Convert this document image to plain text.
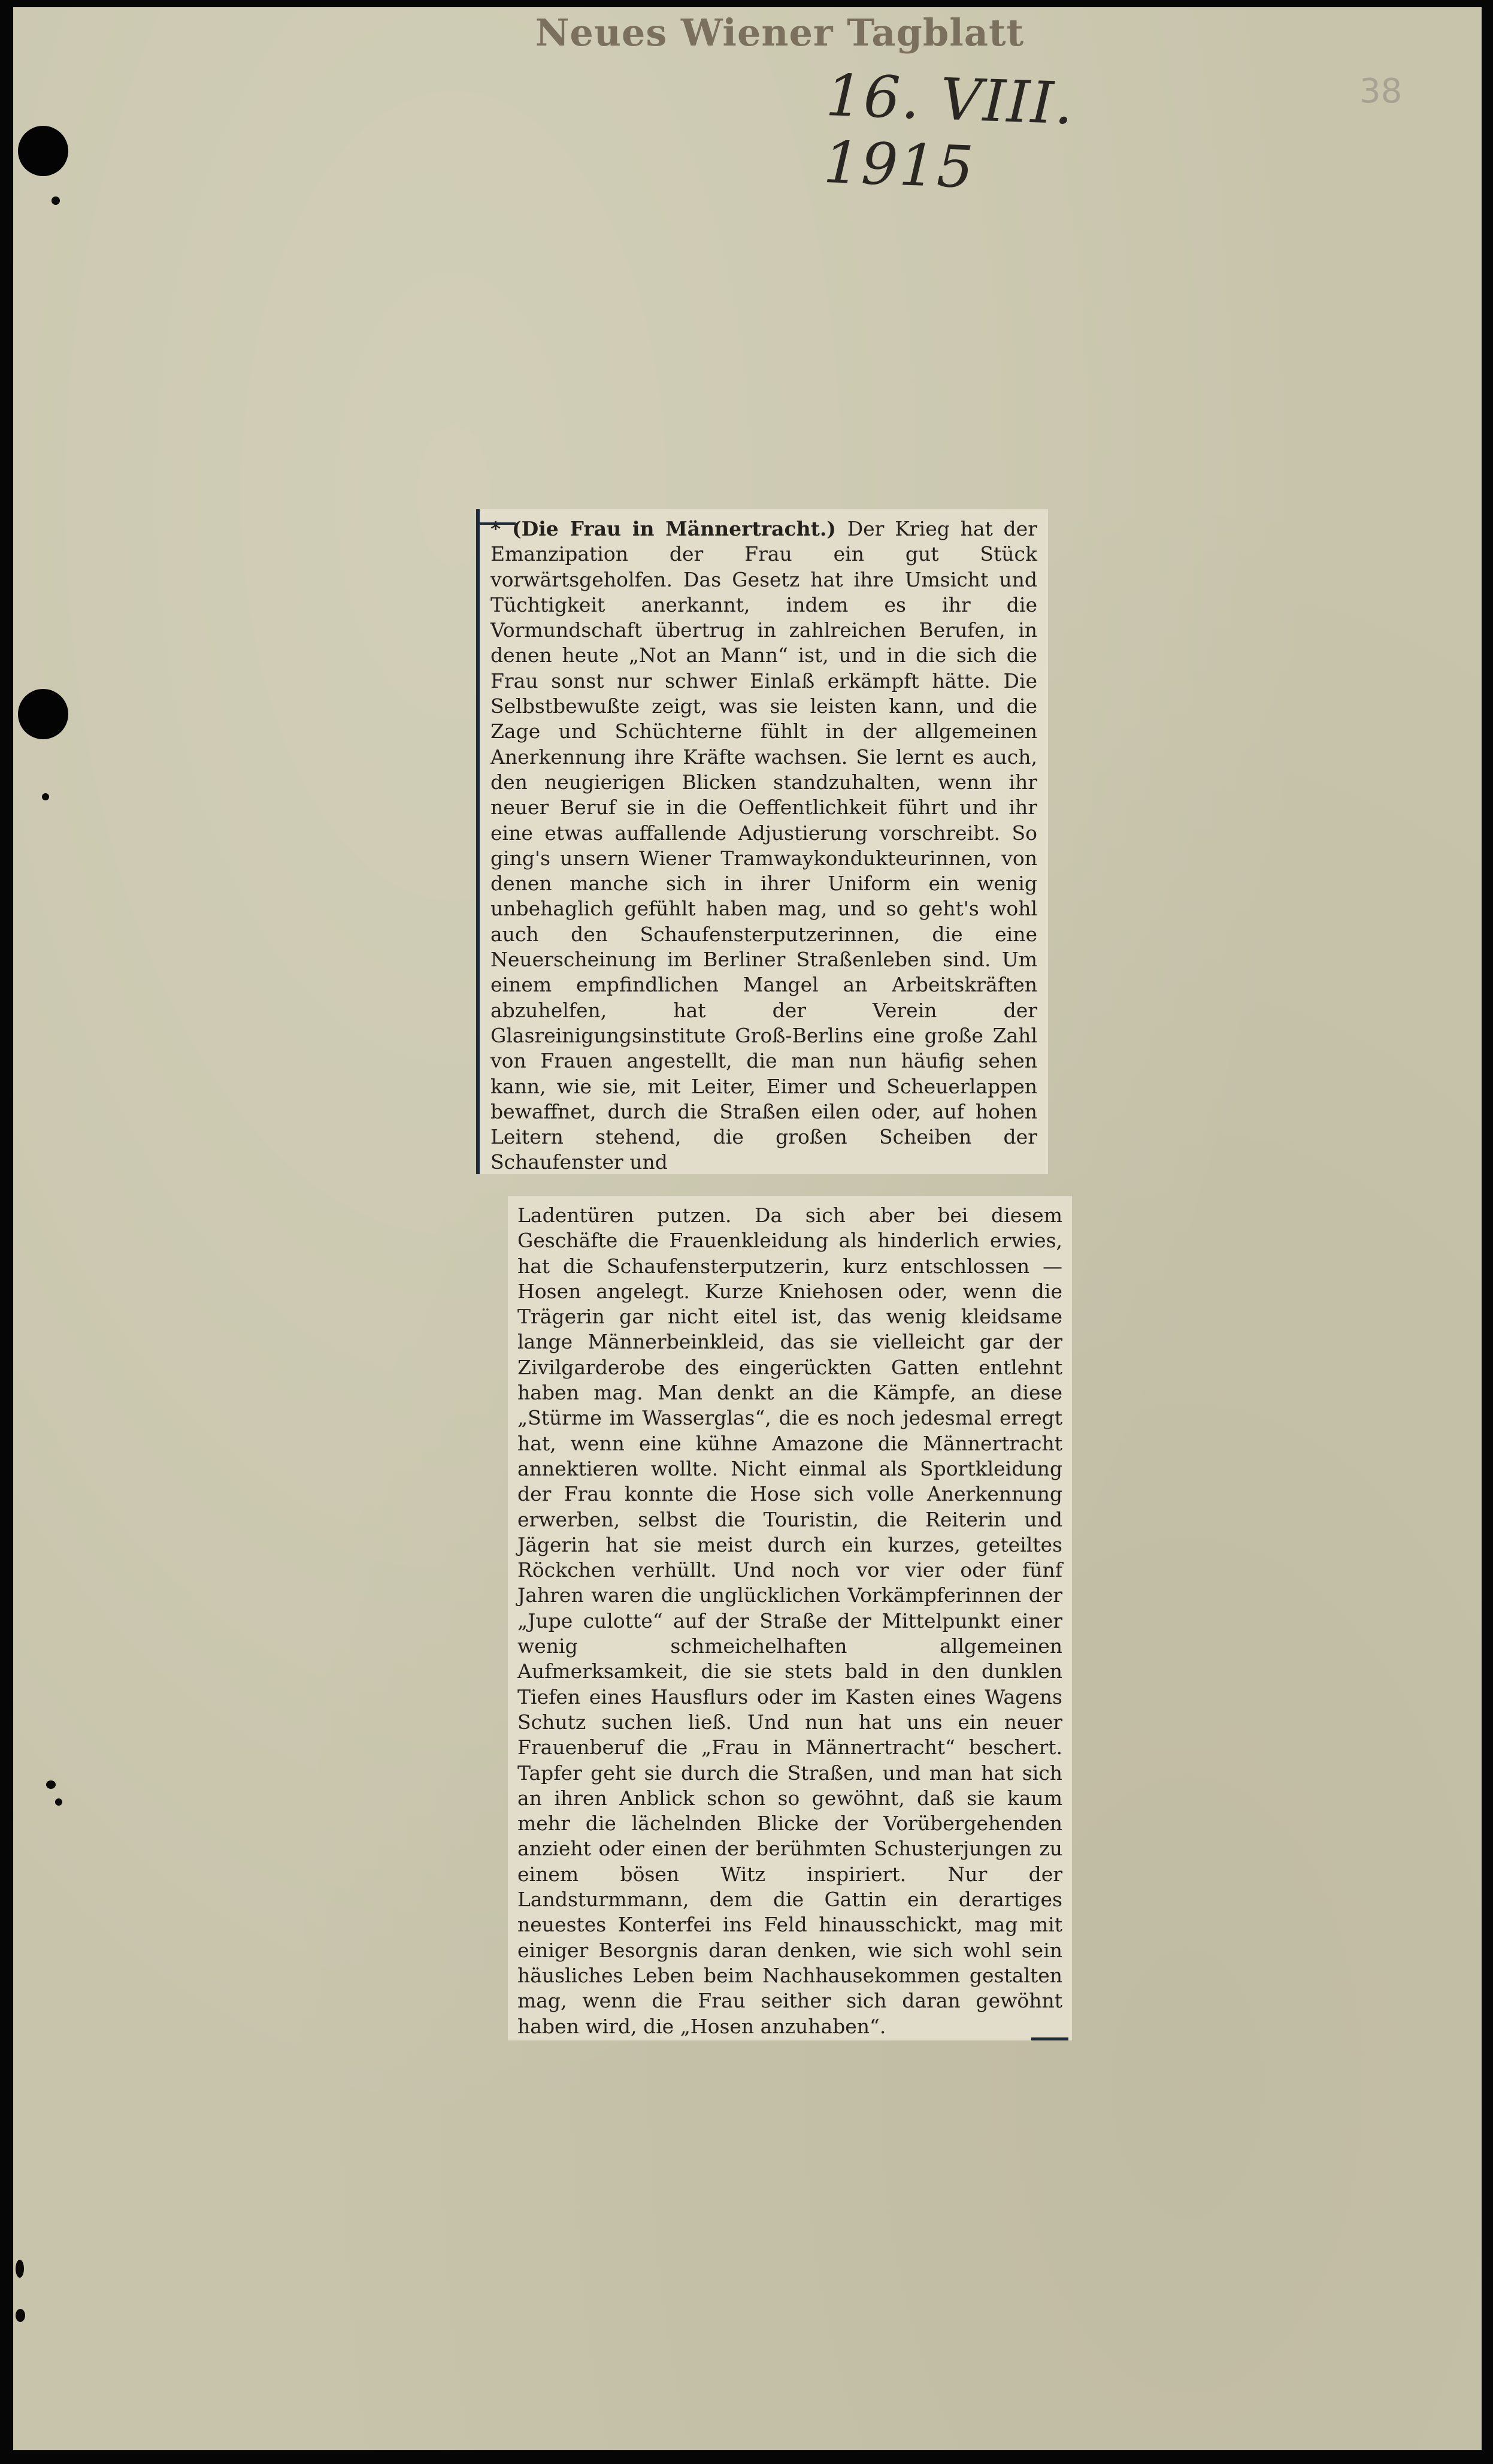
Neues Wiener Tagblatt
16. VIII. 1915
38
* (Die Frau in Männertracht.) Der Krieg hat der Emanzipation der Frau ein gut Stück vorwärtsgeholfen. Das Gesetz hat ihre Umsicht und Tüchtigkeit anerkannt, indem es ihr die Vormundschaft übertrug in zahlreichen Berufen, in denen heute „Not an Mann“ ist, und in die sich die Frau sonst nur schwer Einlaß erkämpft hätte. Die Selbstbewußte zeigt, was sie leisten kann, und die Zage und Schüchterne fühlt in der allgemeinen Anerkennung ihre Kräfte wachsen. Sie lernt es auch, den neugierigen Blicken standzuhalten, wenn ihr neuer Beruf sie in die Oeffentlichkeit führt und ihr eine etwas auffallende Adjustierung vorschreibt. So ging's unsern Wiener Tramwaykondukteurinnen, von denen manche sich in ihrer Uniform ein wenig unbehaglich gefühlt haben mag, und so geht's wohl auch den Schaufensterputzerinnen, die eine Neuerscheinung im Berliner Straßenleben sind. Um einem empfindlichen Mangel an Arbeitskräften abzuhelfen, hat der Verein der Glasreinigungsinstitute Groß-Berlins eine große Zahl von Frauen angestellt, die man nun häufig sehen kann, wie sie, mit Leiter, Eimer und Scheuerlappen bewaffnet, durch die Straßen eilen oder, auf hohen Leitern stehend, die großen Scheiben der Schaufenster und
Ladentüren putzen. Da sich aber bei diesem Geschäfte die Frauenkleidung als hinderlich erwies, hat die Schaufensterputzerin, kurz entschlossen — Hosen angelegt. Kurze Kniehosen oder, wenn die Trägerin gar nicht eitel ist, das wenig kleidsame lange Männerbeinkleid, das sie vielleicht gar der Zivilgarderobe des eingerückten Gatten entlehnt haben mag. Man denkt an die Kämpfe, an diese „Stürme im Wasserglas“, die es noch jedesmal erregt hat, wenn eine kühne Amazone die Männertracht annektieren wollte. Nicht einmal als Sportkleidung der Frau konnte die Hose sich volle Anerkennung erwerben, selbst die Touristin, die Reiterin und Jägerin hat sie meist durch ein kurzes, geteiltes Röckchen verhüllt. Und noch vor vier oder fünf Jahren waren die unglücklichen Vorkämpferinnen der „Jupe culotte“ auf der Straße der Mittelpunkt einer wenig schmeichelhaften allgemeinen Aufmerksamkeit, die sie stets bald in den dunklen Tiefen eines Hausflurs oder im Kasten eines Wagens Schutz suchen ließ. Und nun hat uns ein neuer Frauenberuf die „Frau in Männertracht“ beschert. Tapfer geht sie durch die Straßen, und man hat sich an ihren Anblick schon so gewöhnt, daß sie kaum mehr die lächelnden Blicke der Vorübergehenden anzieht oder einen der berühmten Schusterjungen zu einem bösen Witz inspiriert. Nur der Landsturmmann, dem die Gattin ein derartiges neuestes Konterfei ins Feld hinausschickt, mag mit einiger Besorgnis daran denken, wie sich wohl sein häusliches Leben beim Nachhausekommen gestalten mag, wenn die Frau seither sich daran gewöhnt haben wird, die „Hosen anzuhaben“.
